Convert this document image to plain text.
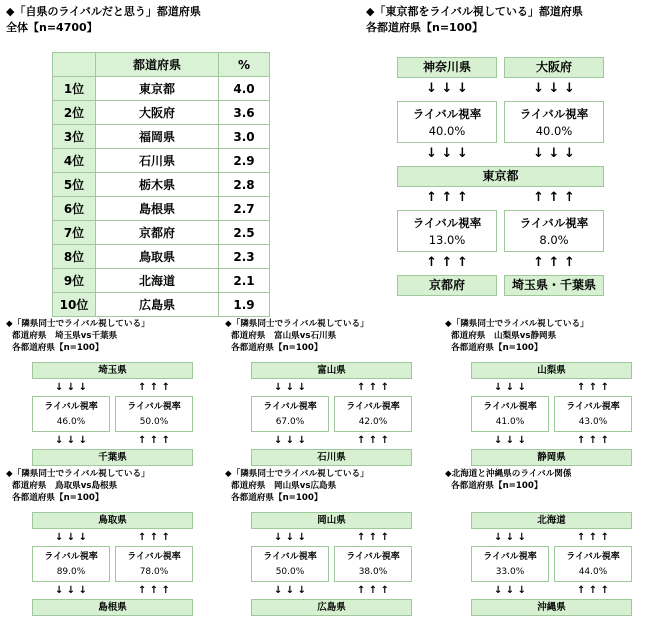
◆「自県のライバルだと思う」都道府県
全体【n=4700】
	都道府県	%
1位	東京都	4.0
2位	大阪府	3.6
3位	福岡県	3.0
4位	石川県	2.9
5位	栃木県	2.8
6位	島根県	2.7
7位	京都府	2.5
8位	鳥取県	2.3
9位	北海道	2.1
10位	広島県	1.9
◆「東京都をライバル視している」都道府県
各都道府県【n=100】
神奈川県	大阪府
↓ ↓ ↓	↓ ↓ ↓
ライバル視率
40.0%
ライバル視率
40.0%
↓ ↓ ↓	↓ ↓ ↓
東京都
↑ ↑ ↑	↑ ↑ ↑
ライバル視率
13.0%
ライバル視率
8.0%
↑ ↑ ↑	↑ ↑ ↑
京都府	埼玉県・千葉県
◆「隣県同士でライバル視している」
都道府県　埼玉県vs千葉県
各都道府県【n=100】
埼玉県
↓ ↓ ↓	↑ ↑ ↑
ライバル視率
46.0%
ライバル視率
50.0%
↓ ↓ ↓	↑ ↑ ↑
千葉県
◆「隣県同士でライバル視している」
都道府県　富山県vs石川県
各都道府県【n=100】
富山県
↓ ↓ ↓	↑ ↑ ↑
ライバル視率
67.0%
ライバル視率
42.0%
↓ ↓ ↓	↑ ↑ ↑
石川県
◆「隣県同士でライバル視している」
都道府県　山梨県vs静岡県
各都道府県【n=100】
山梨県
↓ ↓ ↓	↑ ↑ ↑
ライバル視率
41.0%
ライバル視率
43.0%
↓ ↓ ↓	↑ ↑ ↑
静岡県
◆「隣県同士でライバル視している」
都道府県　鳥取県vs島根県
各都道府県【n=100】
鳥取県
↓ ↓ ↓	↑ ↑ ↑
ライバル視率
89.0%
ライバル視率
78.0%
↓ ↓ ↓	↑ ↑ ↑
島根県
◆「隣県同士でライバル視している」
都道府県　岡山県vs広島県
各都道府県【n=100】
岡山県
↓ ↓ ↓	↑ ↑ ↑
ライバル視率
50.0%
ライバル視率
38.0%
↓ ↓ ↓	↑ ↑ ↑
広島県
◆北海道と沖縄県のライバル関係
各都道府県【n=100】
北海道
↓ ↓ ↓	↑ ↑ ↑
ライバル視率
33.0%
ライバル視率
44.0%
↓ ↓ ↓	↑ ↑ ↑
沖縄県
